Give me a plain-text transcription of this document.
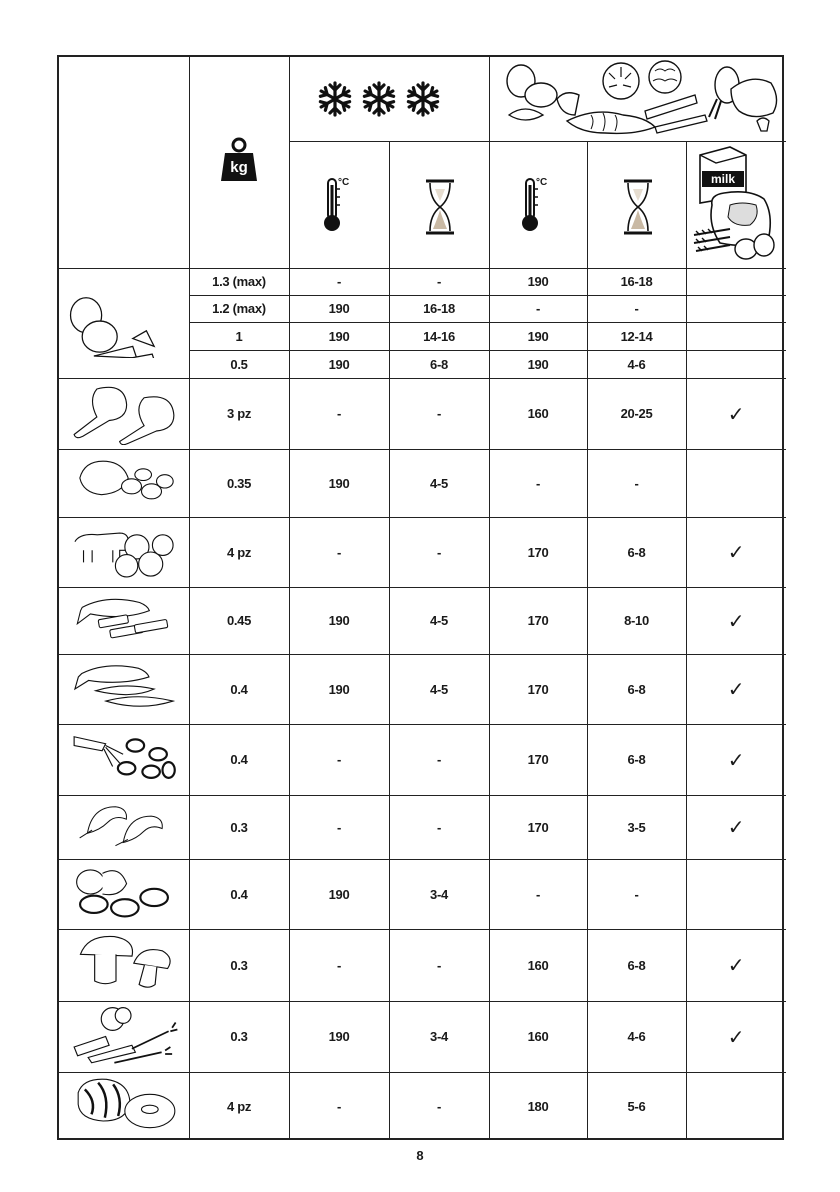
1.3 (max)	-	-	190	16-18
1.2 (max)	190	16-18	-	-
1	190	14-16	190	12-14
0.5	190	6-8	190	4-6
3 pz	-	-	160	20-25	✓
0.35	190	4-5	-	-
4 pz	-	-	170	6-8	✓
0.45	190	4-5	170	8-10	✓
0.4	190	4-5	170	6-8	✓
0.4	-	-	170	6-8	✓
0.3	-	-	170	3-5	✓
0.4	190	3-4	-	-
0.3	-	-	160	6-8	✓
0.3	190	3-4	160	4-6	✓
4 pz	-	-	180	5-6
kg
°C	°C	milk
8
